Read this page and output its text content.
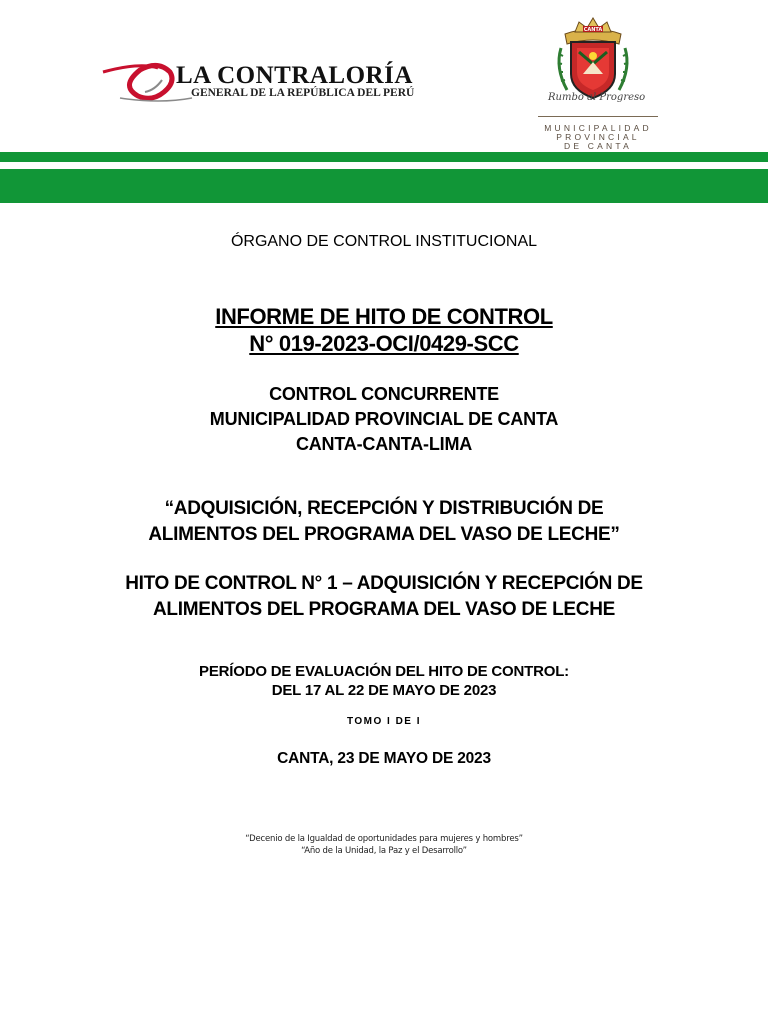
LA CONTRALORÍA
GENERAL DE LA REPÚBLICA DEL PERÚ
CANTA
Rumbo al Progreso
MUNICIPALIDAD
PROVINCIAL
DE CANTA
ÓRGANO DE CONTROL INSTITUCIONAL
INFORME DE HITO DE CONTROL
N° 019-2023-OCI/0429-SCC
CONTROL CONCURRENTE
MUNICIPALIDAD PROVINCIAL DE CANTA
CANTA-CANTA-LIMA
“ADQUISICIÓN, RECEPCIÓN Y DISTRIBUCIÓN DE
ALIMENTOS DEL PROGRAMA DEL VASO DE LECHE”
HITO DE CONTROL N° 1 – ADQUISICIÓN Y RECEPCIÓN DE
ALIMENTOS DEL PROGRAMA DEL VASO DE LECHE
PERÍODO DE EVALUACIÓN DEL HITO DE CONTROL:
DEL 17 AL 22 DE MAYO DE 2023
TOMO I DE I
CANTA, 23 DE MAYO DE 2023
“Decenio de la Igualdad de oportunidades para mujeres y hombres”
“Año de la Unidad, la Paz y el Desarrollo”
